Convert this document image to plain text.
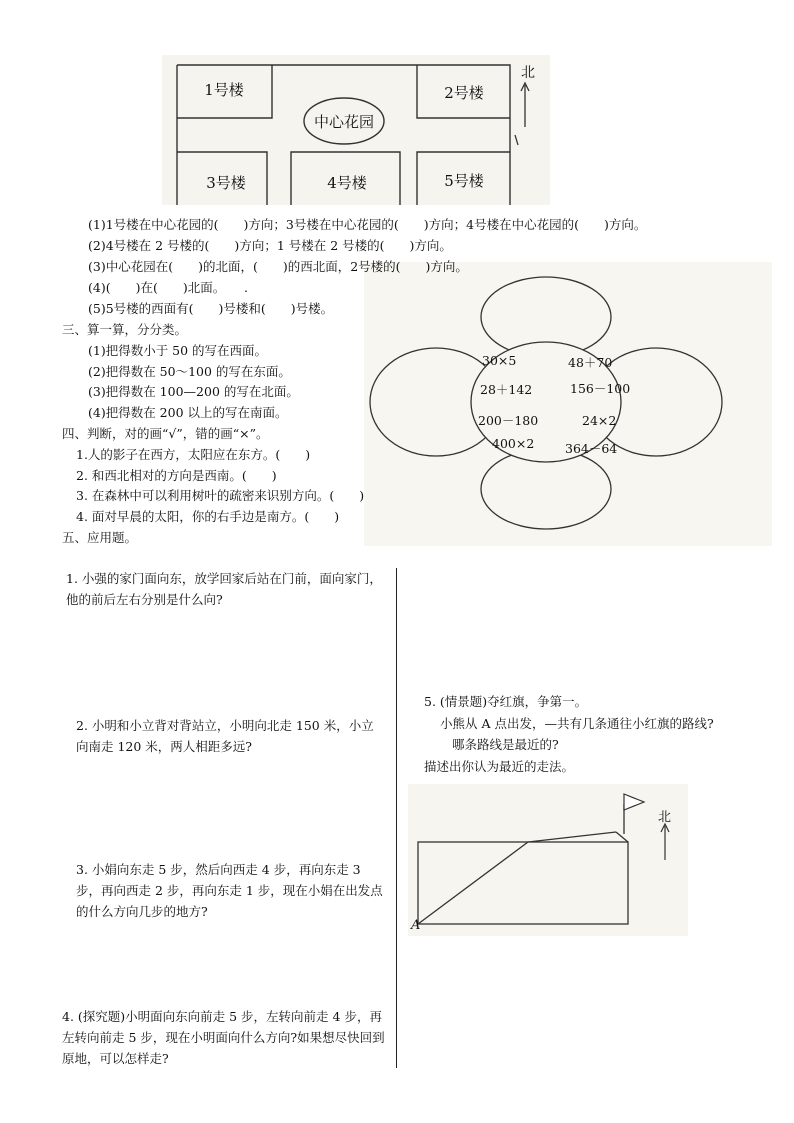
1号楼	2号楼
3号楼	4号楼	5号楼
中心花园
北
30×5	48＋70
28＋142	156－100
200－180	24×2
400×2 364－64
(1)1号楼在中心花园的(　　)方向；3号楼在中心花园的(　　)方向；4号楼在中心花园的(　　)方向。
(2)4号楼在 2 号楼的(　　)方向；1 号楼在 2 号楼的(　　)方向。
(3)中心花园在(　　)的北面，(　　)的西北面，2号楼的(　　)方向。
(4)(　　)在(　　)北面。　　.
(5)5号楼的西面有(　　)号楼和(　　)号楼。
三、算一算，分分类。
(1)把得数小于 50 的写在西面。
(2)把得数在 50～100 的写在东面。
(3)把得数在 100—200 的写在北面。
(4)把得数在 200 以上的写在南面。
四、判断，对的画“√”，错的画“×”。
1.人的影子在西方，太阳应在东方。(　　)
2. 和西北相对的方向是西南。(　　)
3. 在森林中可以利用树叶的疏密来识别方向。(　　)
4. 面对早晨的太阳，你的右手边是南方。(　　)
五、应用题。
1. 小强的家门面向东，放学回家后站在门前，面向家门，他的前后左右分别是什么向?
2. 小明和小立背对背站立，小明向北走 150 米，小立向南走 120 米，两人相距多远?
3. 小娟向东走 5 步，然后向西走 4 步，再向东走 3 步，再向西走 2 步，再向东走 1 步，现在小娟在出发点的什么方向几步的地方?
4. (探究题)小明面向东向前走 5 步，左转向前走 4 步，再左转向前走 5 步，现在小明面向什么方向?如果想尽快回到原地，可以怎样走?
5. (情景题)夺红旗，争第一。
小熊从 A 点出发，—共有几条通往小红旗的路线?
哪条路线是最近的?
描述出你认为最近的走法。
A
北
